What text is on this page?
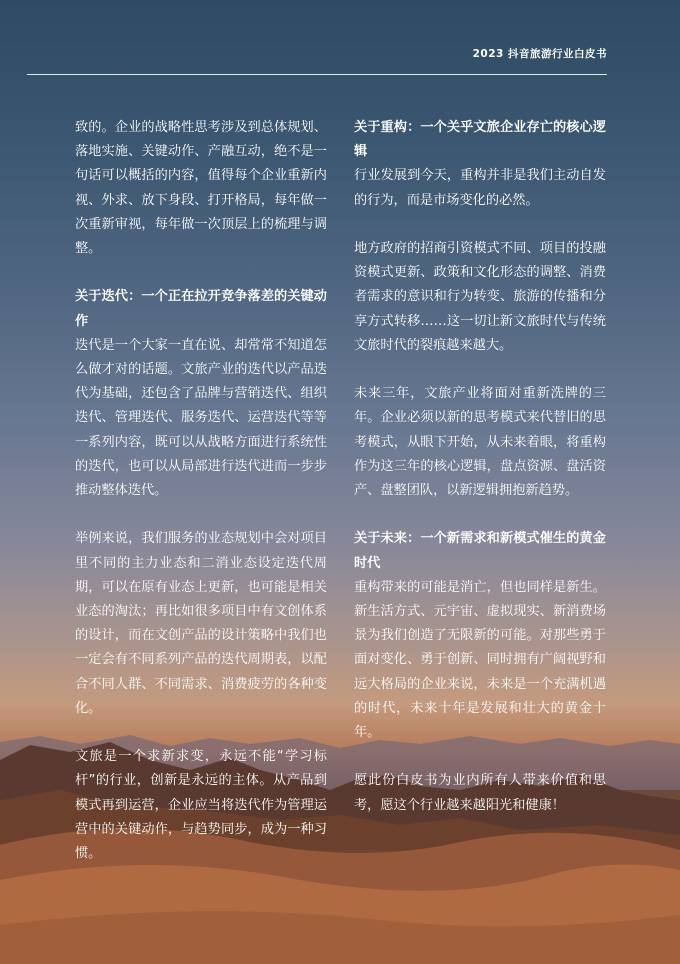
2023 抖音旅游行业白皮书

致的。企业的战略性思考涉及到总体规划、落地实施、关键动作、产融互动，绝不是一句话可以概括的内容，值得每个企业重新内视、外求、放下身段、打开格局，每年做一次重新审视，每年做一次顶层上的梳理与调整。

关于迭代：一个正在拉开竞争落差的关键动作

迭代是一个大家一直在说、却常常不知道怎么做才对的话题。文旅产业的迭代以产品迭代为基础，还包含了品牌与营销迭代、组织迭代、管理迭代、服务迭代、运营迭代等等一系列内容，既可以从战略方面进行系统性的迭代，也可以从局部进行迭代进而一步步推动整体迭代。

举例来说，我们服务的业态规划中会对项目里不同的主力业态和二消业态设定迭代周期，可以在原有业态上更新，也可能是相关业态的淘汰；再比如很多项目中有文创体系的设计，而在文创产品的设计策略中我们也一定会有不同系列产品的迭代周期表，以配合不同人群、不同需求、消费疲劳的各种变化。

文旅是一个求新求变，永远不能“学习标杆”的行业，创新是永远的主体。从产品到模式再到运营，企业应当将迭代作为管理运营中的关键动作，与趋势同步，成为一种习惯。

关于重构：一个关乎文旅企业存亡的核心逻辑

行业发展到今天，重构并非是我们主动自发的行为，而是市场变化的必然。

地方政府的招商引资模式不同、项目的投融资模式更新、政策和文化形态的调整、消费者需求的意识和行为转变、旅游的传播和分享方式转移……这一切让新文旅时代与传统文旅时代的裂痕越来越大。

未来三年，文旅产业将面对重新洗牌的三年。企业必须以新的思考模式来代替旧的思考模式，从眼下开始，从未来着眼，将重构作为这三年的核心逻辑，盘点资源、盘活资产、盘整团队，以新逻辑拥抱新趋势。

关于未来：一个新需求和新模式催生的黄金时代

重构带来的可能是消亡，但也同样是新生。新生活方式、元宇宙、虚拟现实、新消费场景为我们创造了无限新的可能。对那些勇于面对变化、勇于创新、同时拥有广阔视野和远大格局的企业来说，未来是一个充满机遇的时代，未来十年是发展和壮大的黄金十年。

愿此份白皮书为业内所有人带来价值和思考，愿这个行业越来越阳光和健康！
